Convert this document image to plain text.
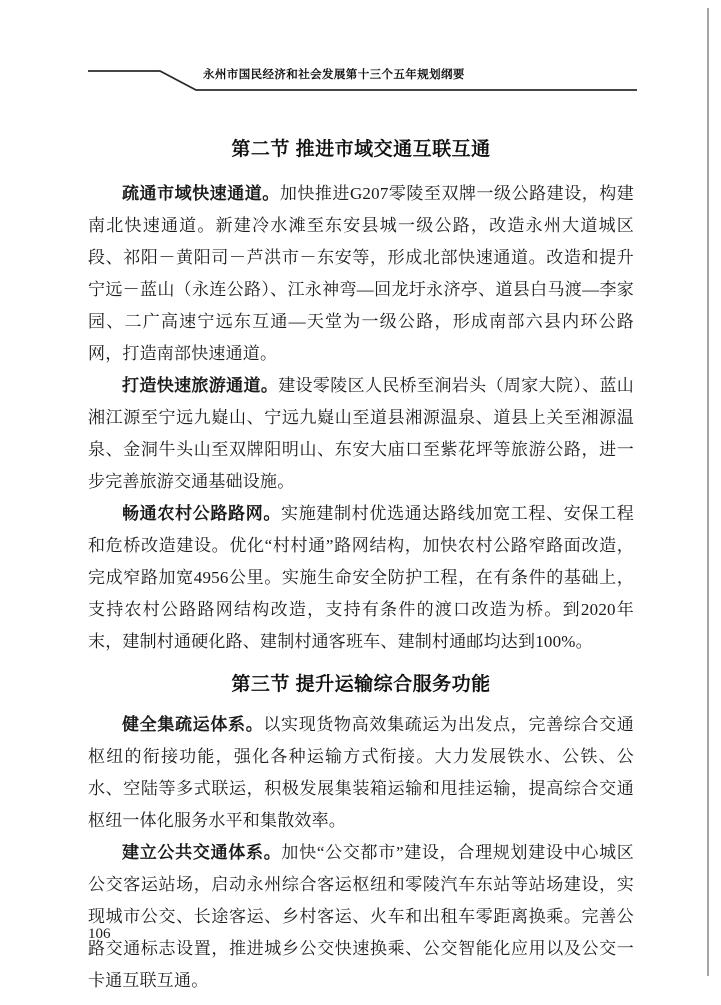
永州市国民经济和社会发展第十三个五年规划纲要
第二节 推进市域交通互联互通

疏通市域快速通道。加快推进G207零陵至双牌一级公路建设，构建南北快速通道。新建冷水滩至东安县城一级公路，改造永州大道城区段、祁阳－黄阳司－芦洪市－东安等，形成北部快速通道。改造和提升宁远－蓝山（永连公路）、江永神弯—回龙圩永济亭、道县白马渡—李家园、二广高速宁远东互通—天堂为一级公路，形成南部六县内环公路网，打造南部快速通道。

打造快速旅游通道。建设零陵区人民桥至涧岩头（周家大院）、蓝山湘江源至宁远九嶷山、宁远九嶷山至道县湘源温泉、道县上关至湘源温泉、金洞牛头山至双牌阳明山、东安大庙口至紫花坪等旅游公路，进一步完善旅游交通基础设施。

畅通农村公路路网。实施建制村优选通达路线加宽工程、安保工程和危桥改造建设。优化“村村通”路网结构，加快农村公路窄路面改造，完成窄路加宽4956公里。实施生命安全防护工程，在有条件的基础上，支持农村公路路网结构改造，支持有条件的渡口改造为桥。到2020年末，建制村通硬化路、建制村通客班车、建制村通邮均达到100%。

第三节 提升运输综合服务功能

健全集疏运体系。以实现货物高效集疏运为出发点，完善综合交通枢纽的衔接功能，强化各种运输方式衔接。大力发展铁水、公铁、公水、空陆等多式联运，积极发展集装箱运输和甩挂运输，提高综合交通枢纽一体化服务水平和集散效率。

建立公共交通体系。加快“公交都市”建设，合理规划建设中心城区公交客运站场，启动永州综合客运枢纽和零陵汽车东站等站场建设，实现城市公交、长途客运、乡村客运、火车和出租车零距离换乘。完善公路交通标志设置，推进城乡公交快速换乘、公交智能化应用以及公交一卡通互联互通。

106
